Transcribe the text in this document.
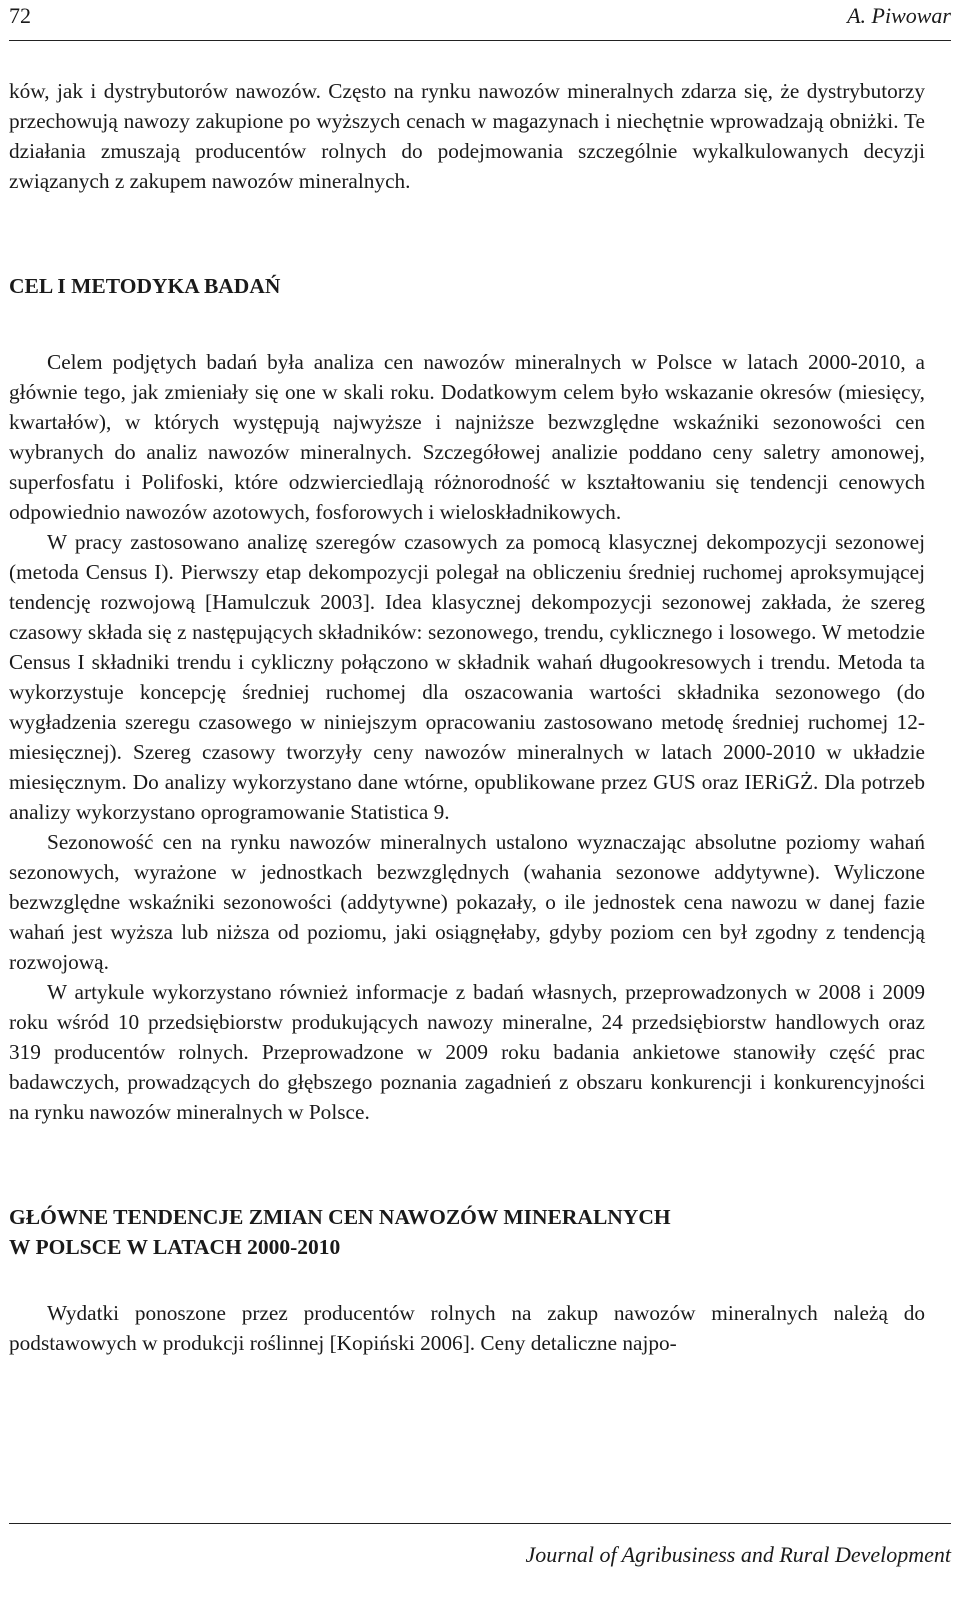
72	A. Piwowar

ków, jak i dystrybutorów nawozów. Często na rynku nawozów mineralnych zdarza się, że dystrybutorzy przechowują nawozy zakupione po wyższych cenach w magazynach i niechętnie wprowadzają obniżki. Te działania zmuszają producentów rolnych do podejmowania szczególnie wykalkulowanych decyzji związanych z zakupem nawozów mineralnych.

CEL I METODYKA BADAŃ

Celem podjętych badań była analiza cen nawozów mineralnych w Polsce w latach 2000-2010, a głównie tego, jak zmieniały się one w skali roku. Dodatkowym celem było wskazanie okresów (miesięcy, kwartałów), w których występują najwyższe i najniższe bezwzględne wskaźniki sezonowości cen wybranych do analiz nawozów mineralnych. Szczegółowej analizie poddano ceny saletry amonowej, superfosfatu i Polifoski, które odzwierciedlają różnorodność w kształtowaniu się tendencji cenowych odpowiednio nawozów azotowych, fosforowych i wieloskładnikowych.

W pracy zastosowano analizę szeregów czasowych za pomocą klasycznej dekompozycji sezonowej (metoda Census I). Pierwszy etap dekompozycji polegał na obliczeniu średniej ruchomej aproksymującej tendencję rozwojową [Hamulczuk 2003]. Idea klasycznej dekompozycji sezonowej zakłada, że szereg czasowy składa się z następujących składników: sezonowego, trendu, cyklicznego i losowego. W metodzie Census I składniki trendu i cykliczny połączono w składnik wahań długookresowych i trendu. Metoda ta wykorzystuje koncepcję średniej ruchomej dla oszacowania wartości składnika sezonowego (do wygładzenia szeregu czasowego w niniejszym opracowaniu zastosowano metodę średniej ruchomej 12-miesięcznej). Szereg czasowy tworzyły ceny nawozów mineralnych w latach 2000-2010 w układzie miesięcznym. Do analizy wykorzystano dane wtórne, opublikowane przez GUS oraz IERiGŻ. Dla potrzeb analizy wykorzystano oprogramowanie Statistica 9.

Sezonowość cen na rynku nawozów mineralnych ustalono wyznaczając absolutne poziomy wahań sezonowych, wyrażone w jednostkach bezwzględnych (wahania sezonowe addytywne). Wyliczone bezwzględne wskaźniki sezonowości (addytywne) pokazały, o ile jednostek cena nawozu w danej fazie wahań jest wyższa lub niższa od poziomu, jaki osiągnęłaby, gdyby poziom cen był zgodny z tendencją rozwojową.

W artykule wykorzystano również informacje z badań własnych, przeprowadzonych w 2008 i 2009 roku wśród 10 przedsiębiorstw produkujących nawozy mineralne, 24 przedsiębiorstw handlowych oraz 319 producentów rolnych. Przeprowadzone w 2009 roku badania ankietowe stanowiły część prac badawczych, prowadzących do głębszego poznania zagadnień z obszaru konkurencji i konkurencyjności na rynku nawozów mineralnych w Polsce.

GŁÓWNE TENDENCJE ZMIAN CEN NAWOZÓW MINERALNYCH
W POLSCE W LATACH 2000-2010

Wydatki ponoszone przez producentów rolnych na zakup nawozów mineralnych należą do podstawowych w produkcji roślinnej [Kopiński 2006]. Ceny detaliczne najpo-

Journal of Agribusiness and Rural Development
